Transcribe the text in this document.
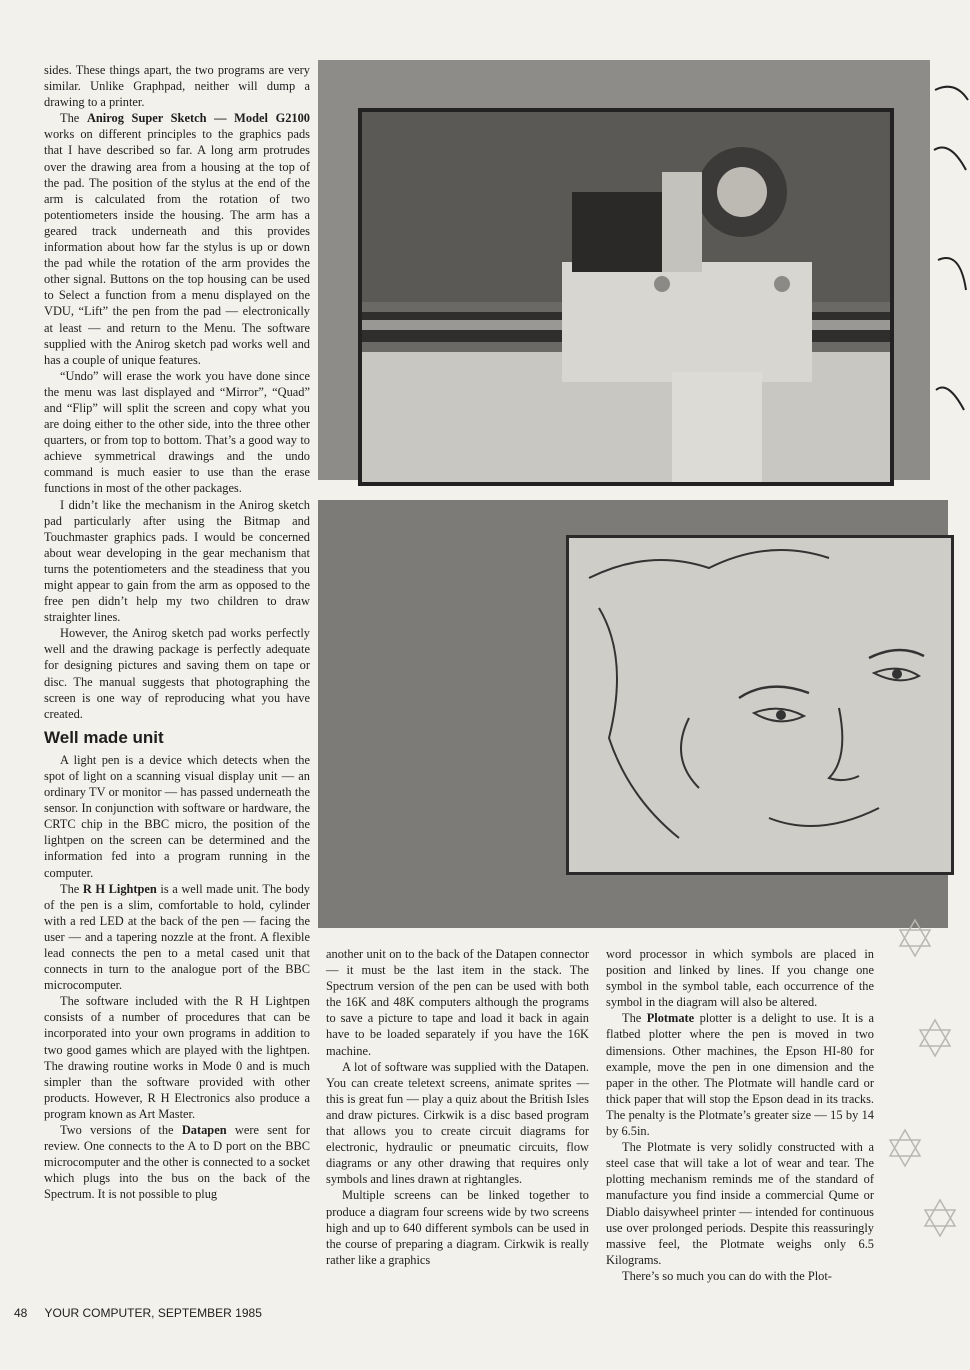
sides. These things apart, the two programs are very similar. Unlike Graphpad, neither will dump a drawing to a printer.

The Anirog Super Sketch — Model G2100 works on different principles to the graphics pads that I have described so far. A long arm protrudes over the drawing area from a housing at the top of the pad. The position of the stylus at the end of the arm is calculated from the rotation of two potentiometers inside the housing. The arm has a geared track underneath and this provides information about how far the stylus is up or down the pad while the rotation of the arm provides the other signal. Buttons on the top housing can be used to Select a function from a menu displayed on the VDU, “Lift” the pen from the pad — electronically at least — and return to the Menu. The software supplied with the Anirog sketch pad works well and has a couple of unique features.

“Undo” will erase the work you have done since the menu was last displayed and “Mirror”, “Quad” and “Flip” will split the screen and copy what you are doing either to the other side, into the three other quarters, or from top to bottom. That’s a good way to achieve symmetrical drawings and the undo command is much easier to use than the erase functions in most of the other packages.

I didn’t like the mechanism in the Anirog sketch pad particularly after using the Bitmap and Touchmaster graphics pads. I would be concerned about wear developing in the gear mechanism that turns the potentiometers and the steadiness that you might appear to gain from the arm as opposed to the free pen didn’t help my two children to draw straighter lines.

However, the Anirog sketch pad works perfectly well and the drawing package is perfectly adequate for designing pictures and saving them on tape or disc. The manual suggests that photographing the screen is one way of reproducing what you have created.

Well made unit

A light pen is a device which detects when the spot of light on a scanning visual display unit — an ordinary TV or monitor — has passed underneath the sensor. In conjunction with software or hardware, the CRTC chip in the BBC micro, the position of the lightpen on the screen can be determined and the information fed into a program running in the computer.

The R H Lightpen is a well made unit. The body of the pen is a slim, comfortable to hold, cylinder with a red LED at the back of the pen — facing the user — and a tapering nozzle at the front. A flexible lead connects the pen to a metal cased unit that connects in turn to the analogue port of the BBC microcomputer.

The software included with the R H Lightpen consists of a number of procedures that can be incorporated into your own programs in addition to two good games which are played with the lightpen. The drawing routine works in Mode 0 and is much simpler than the software provided with other products. However, R H Electronics also produce a program known as Art Master.

Two versions of the Datapen were sent for review. One connects to the A to D port on the BBC microcomputer and the other is connected to a socket which plugs into the bus on the back of the Spectrum. It is not possible to plug

another unit on to the back of the Datapen connector — it must be the last item in the stack. The Spectrum version of the pen can be used with both the 16K and 48K computers although the programs to save a picture to tape and load it back in again have to be loaded separately if you have the 16K machine.

A lot of software was supplied with the Datapen. You can create teletext screens, animate sprites — this is great fun — play a quiz about the British Isles and draw pictures. Cirkwik is a disc based program that allows you to create circuit diagrams for electronic, hydraulic or pneumatic circuits, flow diagrams or any other drawing that requires only symbols and lines drawn at rightangles.

Multiple screens can be linked together to produce a diagram four screens wide by two screens high and up to 640 different symbols can be used in the course of preparing a diagram. Cirkwik is really rather like a graphics

word processor in which symbols are placed in position and linked by lines. If you change one symbol in the symbol table, each occurrence of the symbol in the diagram will also be altered.

The Plotmate plotter is a delight to use. It is a flatbed plotter where the pen is moved in two dimensions. Other machines, the Epson HI-80 for example, move the pen in one dimension and the paper in the other. The Plotmate will handle card or thick paper that will stop the Epson dead in its tracks. The penalty is the Plotmate’s greater size — 15 by 14 by 6.5in.

The Plotmate is very solidly constructed with a steel case that will take a lot of wear and tear. The plotting mechanism reminds me of the standard of manufacture you find inside a commercial Qume or Diablo daisywheel printer — intended for continuous use over prolonged periods. Despite this reassuringly massive feel, the Plotmate weighs only 6.5 Kilograms.

There’s so much you can do with the Plot-

48 YOUR COMPUTER, SEPTEMBER 1985
